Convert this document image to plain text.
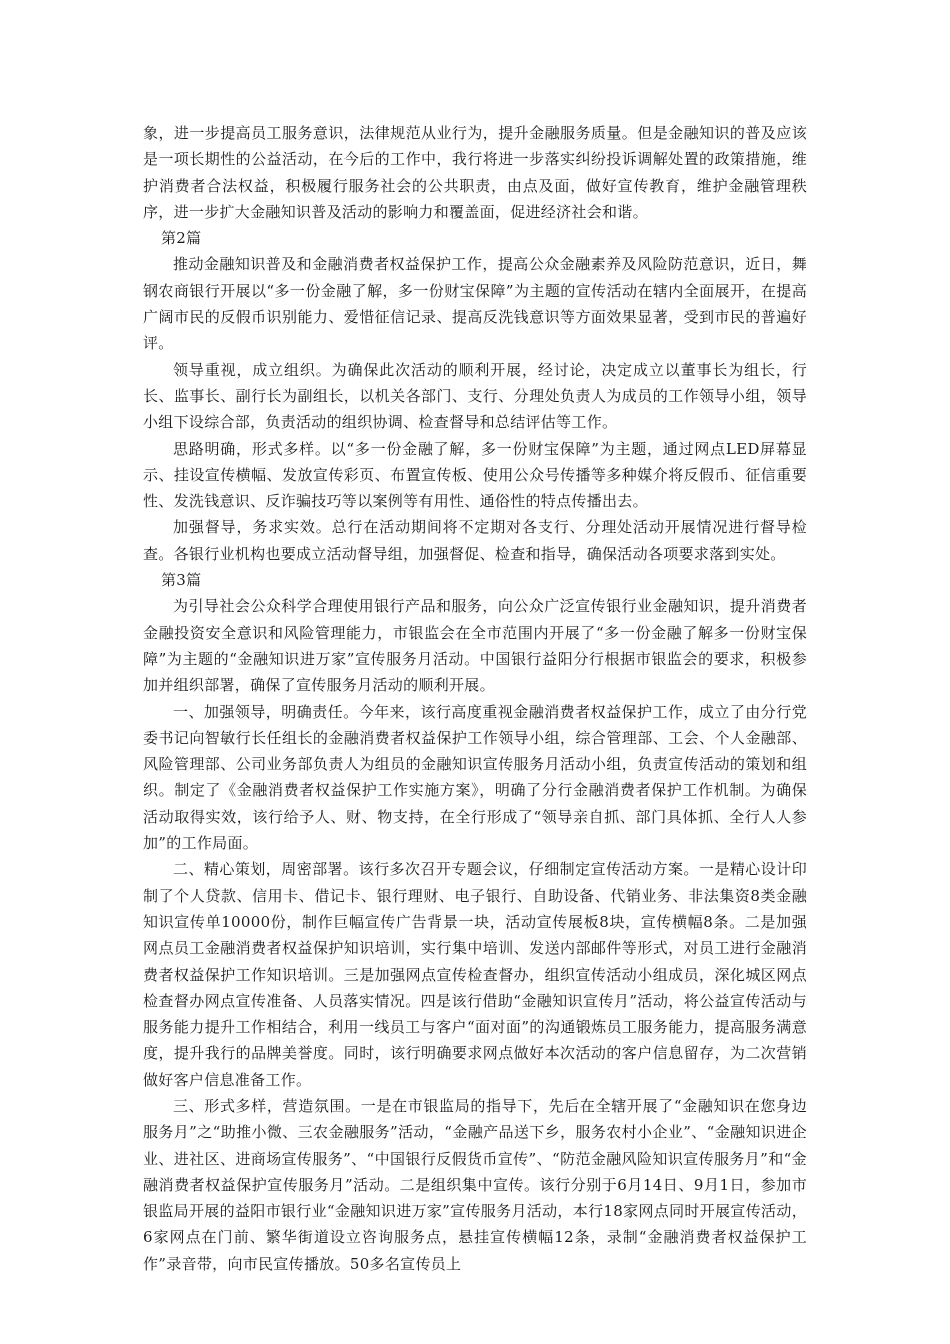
象，进一步提高员工服务意识，法律规范从业行为，提升金融服务质量。但是金融知识的普及应该是一项长期性的公益活动，在今后的工作中，我行将进一步落实纠纷投诉调解处置的政策措施，维护消费者合法权益，积极履行服务社会的公共职责，由点及面，做好宣传教育，维护金融管理秩序，进一步扩大金融知识普及活动的影响力和覆盖面，促进经济社会和谐。

第2篇

推动金融知识普及和金融消费者权益保护工作，提高公众金融素养及风险防范意识，近日，舞钢农商银行开展以“多一份金融了解，多一份财宝保障”为主题的宣传活动在辖内全面展开，在提高广阔市民的反假币识别能力、爱惜征信记录、提高反洗钱意识等方面效果显著，受到市民的普遍好评。

领导重视，成立组织。为确保此次活动的顺利开展，经讨论，决定成立以董事长为组长，行长、监事长、副行长为副组长，以机关各部门、支行、分理处负责人为成员的工作领导小组，领导小组下设综合部，负责活动的组织协调、检查督导和总结评估等工作。

思路明确，形式多样。以“多一份金融了解，多一份财宝保障”为主题，通过网点LED屏幕显示、挂设宣传横幅、发放宣传彩页、布置宣传板、使用公众号传播等多种媒介将反假币、征信重要性、发洗钱意识、反诈骗技巧等以案例等有用性、通俗性的特点传播出去。

加强督导，务求实效。总行在活动期间将不定期对各支行、分理处活动开展情况进行督导检查。各银行业机构也要成立活动督导组，加强督促、检查和指导，确保活动各项要求落到实处。

第3篇

为引导社会公众科学合理使用银行产品和服务，向公众广泛宣传银行业金融知识，提升消费者金融投资安全意识和风险管理能力，市银监会在全市范围内开展了“多一份金融了解多一份财宝保障”为主题的“金融知识进万家”宣传服务月活动。中国银行益阳分行根据市银监会的要求，积极参加并组织部署，确保了宣传服务月活动的顺利开展。

一、加强领导，明确责任。今年来，该行高度重视金融消费者权益保护工作，成立了由分行党委书记向智敏行长任组长的金融消费者权益保护工作领导小组，综合管理部、工会、个人金融部、风险管理部、公司业务部负责人为组员的金融知识宣传服务月活动小组，负责宣传活动的策划和组织。制定了《金融消费者权益保护工作实施方案》，明确了分行金融消费者保护工作机制。为确保活动取得实效，该行给予人、财、物支持，在全行形成了“领导亲自抓、部门具体抓、全行人人参加”的工作局面。

二、精心策划，周密部署。该行多次召开专题会议，仔细制定宣传活动方案。一是精心设计印制了个人贷款、信用卡、借记卡、银行理财、电子银行、自助设备、代销业务、非法集资8类金融知识宣传单10000份，制作巨幅宣传广告背景一块，活动宣传展板8块，宣传横幅8条。二是加强网点员工金融消费者权益保护知识培训，实行集中培训、发送内部邮件等形式，对员工进行金融消费者权益保护工作知识培训。三是加强网点宣传检查督办，组织宣传活动小组成员，深化城区网点检查督办网点宣传准备、人员落实情况。四是该行借助“金融知识宣传月”活动，将公益宣传活动与服务能力提升工作相结合，利用一线员工与客户“面对面”的沟通锻炼员工服务能力，提高服务满意度，提升我行的品牌美誉度。同时，该行明确要求网点做好本次活动的客户信息留存，为二次营销做好客户信息准备工作。

三、形式多样，营造氛围。一是在市银监局的指导下，先后在全辖开展了“金融知识在您身边服务月”之“助推小微、三农金融服务”活动，“金融产品送下乡，服务农村小企业”、“金融知识进企业、进社区、进商场宣传服务”、“中国银行反假货币宣传”、“防范金融风险知识宣传服务月”和“金融消费者权益保护宣传服务月”活动。二是组织集中宣传。该行分别于6月14日、9月1日，参加市银监局开展的益阳市银行业“金融知识进万家”宣传服务月活动，本行18家网点同时开展宣传活动，6家网点在门前、繁华街道设立咨询服务点，悬挂宣传横幅12条，录制“金融消费者权益保护工作”录音带，向市民宣传播放。50多名宣传员上
